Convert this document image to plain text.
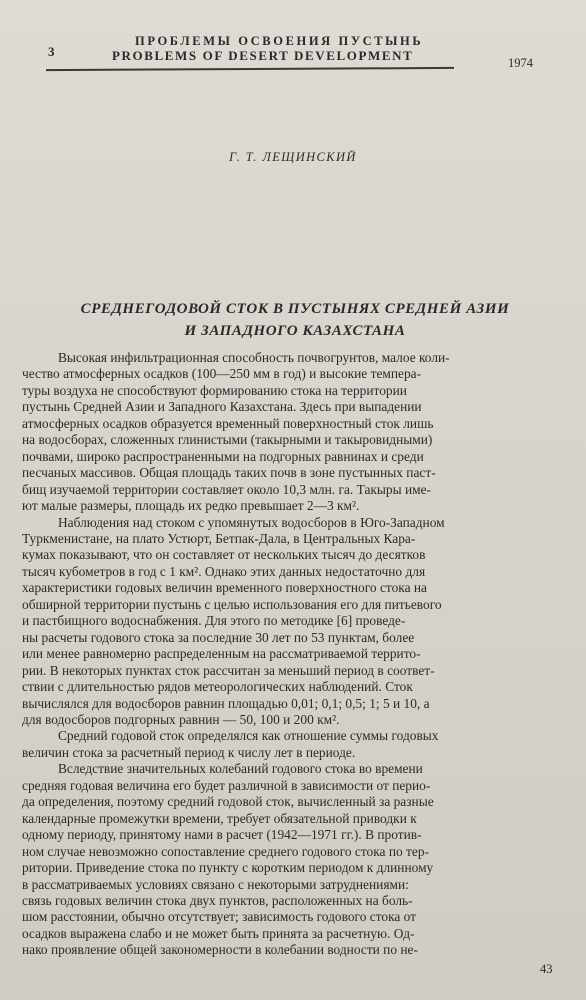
3
ПРОБЛЕМЫ ОСВОЕНИЯ ПУСТЫНЬ
PROBLEMS OF DESERT DEVELOPMENT	1974
Г. Т. ЛЕЩИНСКИЙ
СРЕДНЕГОДОВОЙ СТОК В ПУСТЫНЯХ СРЕДНЕЙ АЗИИ
И ЗАПАДНОГО КАЗАХСТАНА
Высокая инфильтрационная способность почвогрунтов, малое коли-
чество атмосферных осадков (100—250 мм в год) и высокие темпера-
туры воздуха не способствуют формированию стока на территории
пустынь Средней Азии и Западного Казахстана. Здесь при выпадении
атмосферных осадков образуется временный поверхностный сток лишь
на водосборах, сложенных глинистыми (такырными и такыровидными)
почвами, широко распространенными на подгорных равнинах и среди
песчаных массивов. Общая площадь таких почв в зоне пустынных паст-
бищ изучаемой территории составляет около 10,3 млн. га. Такыры име-
ют малые размеры, площадь их редко превышает 2—3 км².
Наблюдения над стоком с упомянутых водосборов в Юго-Западном
Туркменистане, на плато Устюрт, Бетпак-Дала, в Центральных Кара-
кумах показывают, что он составляет от нескольких тысяч до десятков
тысяч кубометров в год с 1 км². Однако этих данных недостаточно для
характеристики годовых величин временного поверхностного стока на
обширной территории пустынь с целью использования его для питьевого
и пастбищного водоснабжения. Для этого по методике [6] проведе-
ны расчеты годового стока за последние 30 лет по 53 пунктам, более
или менее равномерно распределенным на рассматриваемой террито-
рии. В некоторых пунктах сток рассчитан за меньший период в соответ-
ствии с длительностью рядов метеорологических наблюдений. Сток
вычислялся для водосборов равнин площадью 0,01; 0,1; 0,5; 1; 5 и 10, а
для водосборов подгорных равнин — 50, 100 и 200 км².
Средний годовой сток определялся как отношение суммы годовых
величин стока за расчетный период к числу лет в периоде.
Вследствие значительных колебаний годового стока во времени
средняя годовая величина его будет различной в зависимости от перио-
да определения, поэтому средний годовой сток, вычисленный за разные
календарные промежутки времени, требует обязательной приводки к
одному периоду, принятому нами в расчет (1942—1971 гг.). В против-
ном случае невозможно сопоставление среднего годового стока по тер-
ритории. Приведение стока по пункту с коротким периодом к длинному
в рассматриваемых условиях связано с некоторыми затруднениями:
связь годовых величин стока двух пунктов, расположенных на боль-
шом расстоянии, обычно отсутствует; зависимость годового стока от
осадков выражена слабо и не может быть принята за расчетную. Од-
нако проявление общей закономерности в колебании водности по не-
43
